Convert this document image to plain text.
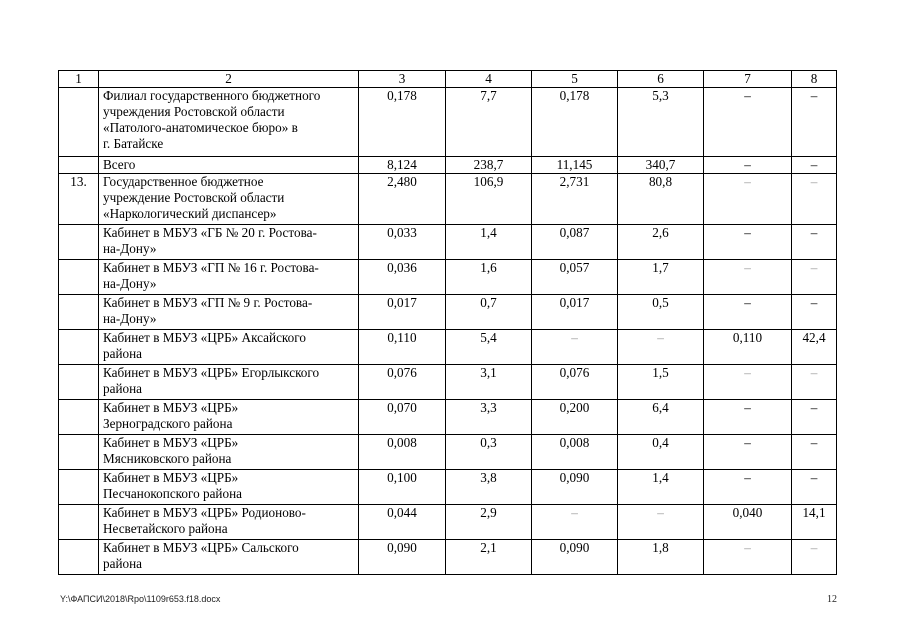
1	2	3	4	5	6	7	8
	Филиал государственного бюджетного
учреждения Ростовской области
«Патолого-анатомическое бюро» в
г. Батайске	0,178	7,7	0,178	5,3	–	–
	Всего	8,124	238,7	11,145	340,7	–	–
13.	Государственное бюджетное
учреждение Ростовской области
«Наркологический диспансер»	2,480	106,9	2,731	80,8	–	–
	Кабинет в МБУЗ «ГБ № 20 г. Ростова-
на-Дону»	0,033	1,4	0,087	2,6	–	–
	Кабинет в МБУЗ «ГП № 16 г. Ростова-
на-Дону»	0,036	1,6	0,057	1,7	–	–
	Кабинет в МБУЗ «ГП № 9 г. Ростова-
на-Дону»	0,017	0,7	0,017	0,5	–	–
	Кабинет в МБУЗ «ЦРБ» Аксайского
района	0,110	5,4	–	–	0,110	42,4
	Кабинет в МБУЗ «ЦРБ» Егорлыкского
района	0,076	3,1	0,076	1,5	–	–
	Кабинет в МБУЗ «ЦРБ»
Зерноградского района	0,070	3,3	0,200	6,4	–	–
	Кабинет в МБУЗ «ЦРБ»
Мясниковского района	0,008	0,3	0,008	0,4	–	–
	Кабинет в МБУЗ «ЦРБ»
Песчанокопского района	0,100	3,8	0,090	1,4	–	–
	Кабинет в МБУЗ «ЦРБ» Родионово-
Несветайского района	0,044	2,9	–	–	0,040	14,1
	Кабинет в МБУЗ «ЦРБ» Сальского
района	0,090	2,1	0,090	1,8	–	–
Y:\ФАПСИ\2018\Rpo\1109r653.f18.docx	12
